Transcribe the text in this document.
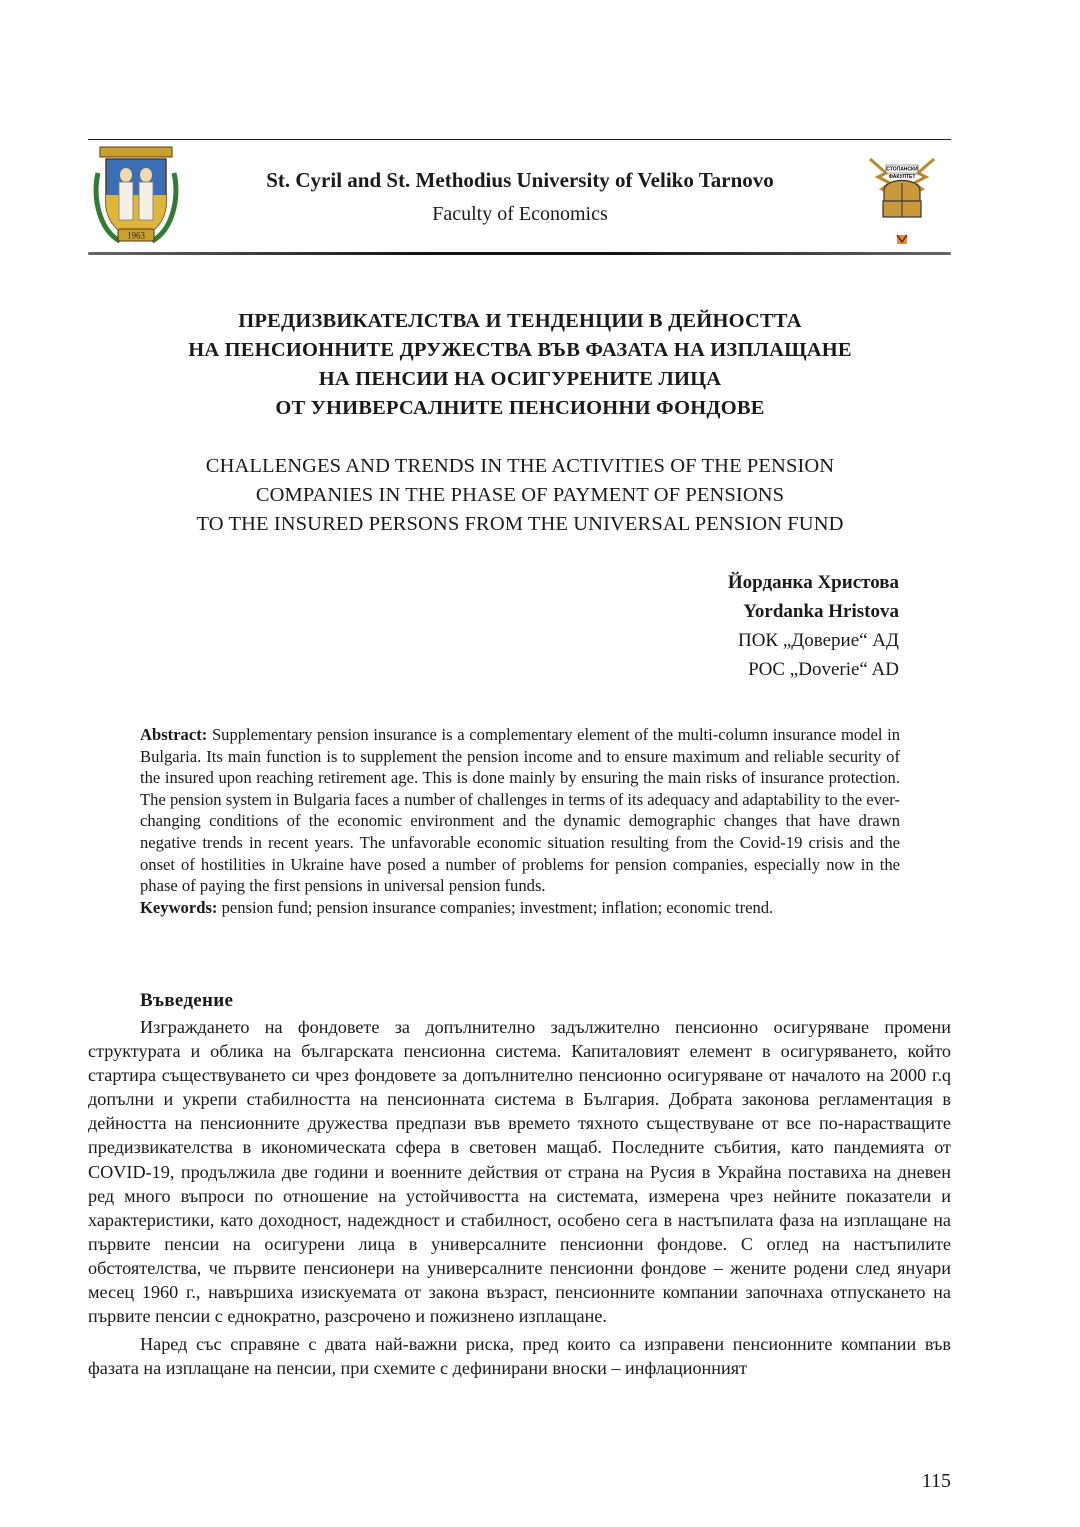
1963
St. Cyril and St. Methodius University of Veliko Tarnovo
Faculty of Economics
СТОПАНСКИ
ФАКУЛТЕТ
ПРЕДИЗВИКАТЕЛСТВА И ТЕНДЕНЦИИ В ДЕЙНОСТТА
НА ПЕНСИОННИТЕ ДРУЖЕСТВА ВЪВ ФАЗАТА НА ИЗПЛАЩАНЕ
НА ПЕНСИИ НА ОСИГУРЕНИТЕ ЛИЦА
ОТ УНИВЕРСАЛНИТЕ ПЕНСИОННИ ФОНДОВЕ
CHALLENGES AND TRENDS IN THE ACTIVITIES OF THE PENSION
COMPANIES IN THE PHASE OF PAYMENT OF PENSIONS
TO THE INSURED PERSONS FROM THE UNIVERSAL PENSION FUND
Йорданка Христова
Yordanka Hristova
ПОК „Доверие“ АД
POC „Doverie“ AD

Abstract: Supplementary pension insurance is a complementary element of the multi-column insurance model in Bulgaria. Its main function is to supplement the pension income and to ensure maximum and reliable security of the insured upon reaching retirement age. This is done mainly by ensuring the main risks of insurance protection. The pension system in Bulgaria faces a number of challenges in terms of its adequacy and adaptability to the ever-changing conditions of the economic environment and the dynamic demographic changes that have drawn negative trends in recent years. The unfavorable economic situation resulting from the Covid-19 crisis and the onset of hostilities in Ukraine have posed a number of problems for pension companies, especially now in the phase of paying the first pensions in universal pension funds.

Keywords: pension fund; pension insurance companies; investment; inflation; economic trend.

Въведение

Изграждането на фондовете за допълнително задължително пенсионно осигуряване промени структурата и облика на българската пенсионна система. Капиталовият елемент в осигуряването, който стартира съществуването си чрез фондовете за допълнително пенсионно осигуряване от началото на 2000 г.q допълни и укрепи стабилността на пенсионната система в България. Добрата законова регламентация в дейността на пенсионните дружества предпази във времето тяхното съществуване от все по-нарастващите предизвикателства в икономическата сфера в световен мащаб. Последните събития, като пандемията от COVID-19, продължила две години и военните действия от страна на Русия в Украйна поставиха на дневен ред много въпроси по отношение на устойчивостта на системата, измерена чрез нейните показатели и характеристики, като доходност, надеждност и стабилност, особено сега в настъпилата фаза на изплащане на първите пенсии на осигурени лица в универсалните пенсионни фондове. С оглед на настъпилите обстоятелства, че първите пенсионери на универсалните пенсионни фондове – жените родени след януари месец 1960 г., навършиха изискуемата от закона възраст, пенсионните компании започнаха отпускането на първите пенсии с еднократно, разсрочено и пожизнено изплащане.

Наред със справяне с двата най-важни риска, пред които са изправени пенсионните компании във фазата на изплащане на пенсии, при схемите с дефинирани вноски – инфлационният

115
